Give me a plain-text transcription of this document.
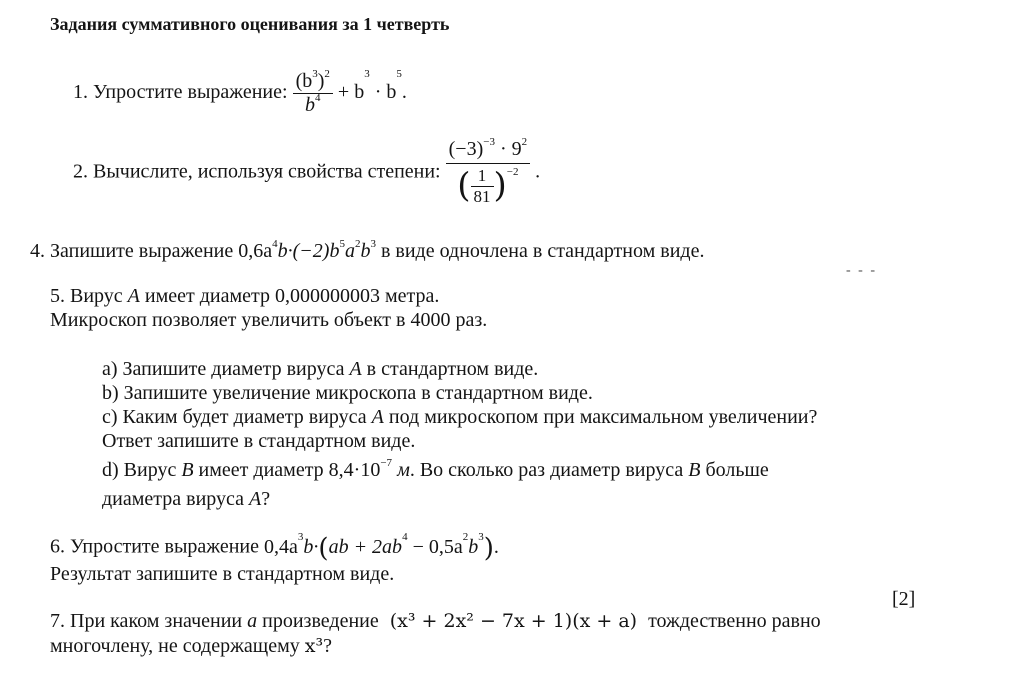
Задания суммативного оценивания за 1 четверть
1. Упростите выражение: $\frac{(b^3)^2}{b^4} + b^3 \cdot b^5$.
2. Вычислите, используя свойства степени: $\frac{(-3)^{-3} \cdot 9^2}{( \frac{1}{81} )^{-2}}$ .
4. Запишите выражение $0,6a^4b\cdot(-2)b^5a^2b^3$ в виде одночлена в стандартном виде.
- - -
5. Вирус А имеет диаметр 0,000000003 метра.
Микроскоп позволяет увеличить объект в 4000 раз.
a) Запишите диаметр вируса А в стандартном виде.
b) Запишите увеличение микроскопа в стандартном виде.
c) Каким будет диаметр вируса А под микроскопом при максимальном увеличении?
Ответ запишите в стандартном виде.
d) Вирус В имеет диаметр $8,4\cdot 10^{-7}$ м. Во сколько раз диаметр вируса В больше
диаметра вируса А?
6. Упростите выражение $0,4a^3b\cdot(ab + 2ab^4 - 0,5a^2b^3)$.
Результат запишите в стандартном виде.
[2]
7. При каком значении a произведение (x³ + 2x² − 7x + 1)(x + a) тождественно равно
многочлену, не содержащему x³?
